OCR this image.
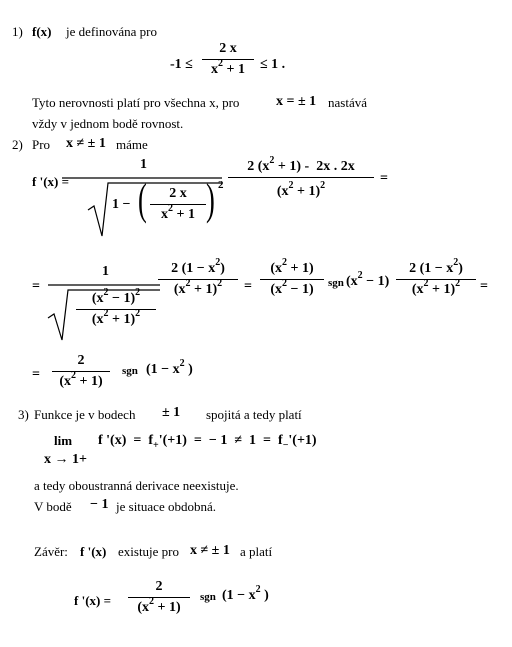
1) f(x) je definována pro
-1 ≤
2 x
$x^2 + 1 \le 1$ .
Tyto nerovnosti platí pro všechna x, pro	x = ± 1 nastává
vždy v jednom bodě rovnost.
2) Pro x ≠ ± 1 máme
f '(x) =
1
1 − ( 2 x
$x^2 + 1$ ) 2
2 $(x^2 + 1) - 2x$ . 2x
$(x^2 + 1)^2$	=
=
1
$(x^2 - 1)^2$
$(x^2 + 1)^2$
2 $(1 - x^2)$
$(x^2 + 1)^2$ =
$(x^2 + 1)$
$(x^2 - 1)$ sgn $(x^2 - 1)$
2 $(1 - x^2)$
$(x^2 + 1)^2$ =
=
2
$(x^2 + 1)$
sgn ($1 - x^2$ )
3) Funkce je v bodech ± 1 spojitá a tedy platí
lim
x → 1+
f '$(x) = f_+'(+1)$  =  − $1 \ne 1 = f_-'(+1)$
a tedy oboustranná derivace neexistuje.
V bodě − 1 je situace obdobná.
Závěr: f '(x) existuje pro x ≠ ± 1 a platí
f '(x) =
2
$(x^2 + 1)$
sgn ($1 - x^2$ )
